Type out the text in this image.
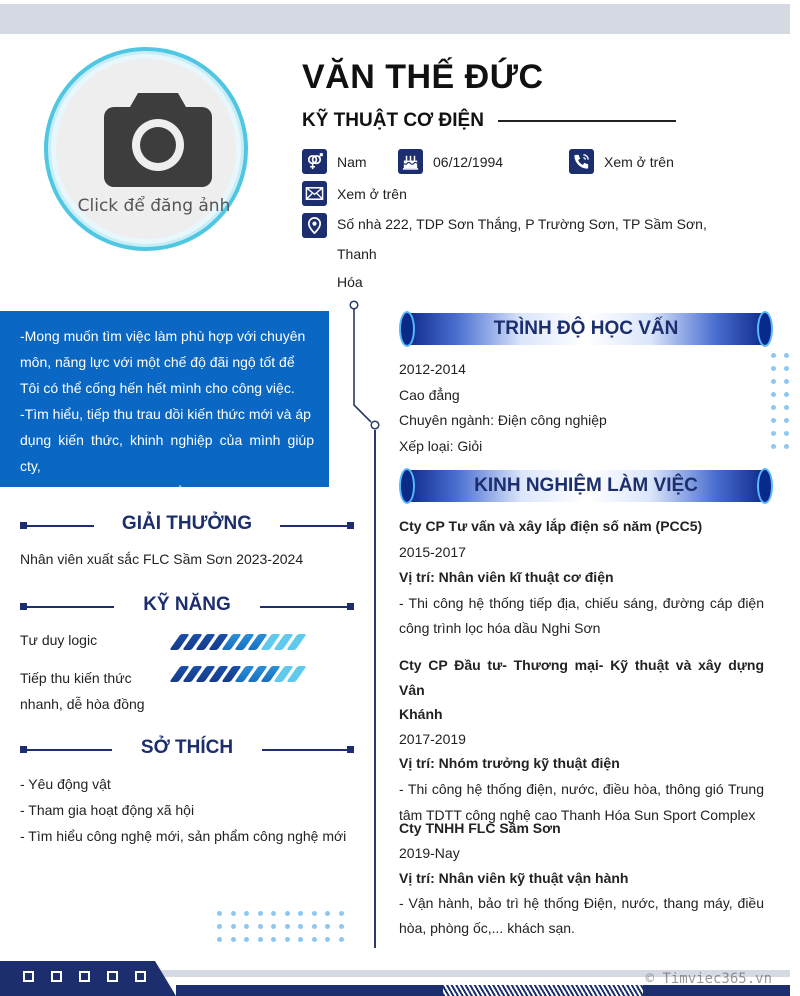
Click để đăng ảnh
VĂN THẾ ĐỨC
KỸ THUẬT CƠ ĐIỆN
Nam	06/12/1994	Xem ở trên
Xem ở trên
Số nhà 222, TDP Sơn Thắng, P Trường Sơn, TP Sầm Sơn, Thanh
Hóa
-Mong muốn tìm việc làm phù hợp với chuyên
môn, năng lực với một chế độ đãi ngộ tốt để
Tôi có thể cống hến hết mình cho công việc.
-Tìm hiểu, tiếp thu trau dồi kiến thức mới và áp
dụng kiến thức, khinh nghiệp của mình giúp cty,
đơn vị ngày càng phát triển.
GIẢI THƯỞNG
Nhân viên xuất sắc FLC Sầm Sơn 2023-2024
KỸ NĂNG
Tư duy logic
Tiếp thu kiến thức
nhanh, dễ hòa đồng
SỞ THÍCH
- Yêu động vật
- Tham gia hoạt động xã hội
- Tìm hiểu công nghệ mới, sản phẩm công nghệ mới
TRÌNH ĐỘ HỌC VẤN
2012-2014
Cao đẳng
Chuyên ngành: Điện công nghiệp
Xếp loại: Giỏi
KINH NGHIỆM LÀM VIỆC
Cty CP Tư vấn và xây lắp điện số năm (PCC5)
2015-2017
Vị trí: Nhân viên kĩ thuật cơ điện
- Thi công hệ thống tiếp địa, chiếu sáng, đường cáp điện
công trình lọc hóa dầu Nghi Sơn
Cty CP Đầu tư- Thương mại- Kỹ thuật và xây dựng Vân
Khánh
2017-2019
Vị trí: Nhóm trưởng kỹ thuật điện
- Thi công hệ thống điện, nước, điều hòa, thông gió Trung
tâm TDTT công nghệ cao Thanh Hóa Sun Sport Complex
Cty TNHH FLC Sầm Sơn
2019-Nay
Vị trí: Nhân viên kỹ thuật vận hành
- Vận hành, bảo trì hệ thống Điện, nước, thang máy, điều
hòa, phòng ốc,... khách sạn.
© Timviec365.vn
